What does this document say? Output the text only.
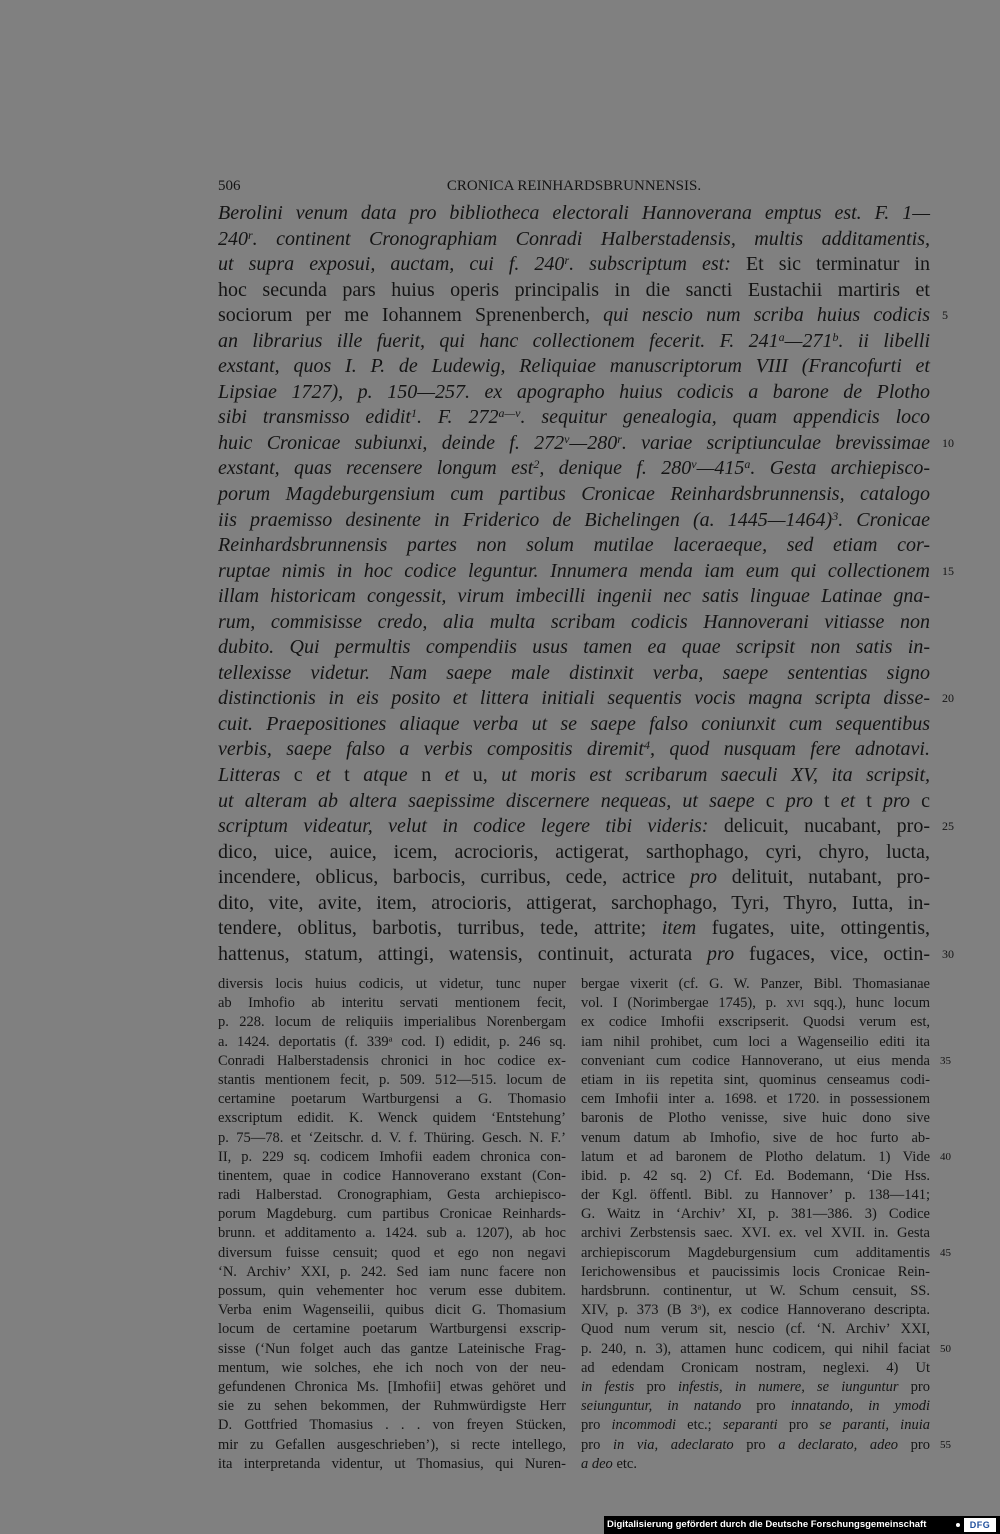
506	CRONICA REINHARDSBRUNNENSIS.
Berolini venum data pro bibliotheca electorali Hannoverana emptus est. F. 1—
240$^r$. continent Cronographiam Conradi Halberstadensis, multis additamentis,
ut supra exposui, auctam, cui f. 240$^r$. subscriptum est: Et sic terminatur in
hoc secunda pars huius operis principalis in die sancti Eustachii martiris et
sociorum per me Iohannem Sprenenberch, qui nescio num scriba huius codicis 5
an librarius ille fuerit, qui hanc collectionem fecerit. F. 241$^a$—271$^b$. ii libelli
exstant, quos I. P. de Ludewig, Reliquiae manuscriptorum VIII (Francofurti et
Lipsiae 1727), p. 150—257. ex apographo huius codicis a barone de Plotho
sibi transmisso edidit$^1$. F. $272^{a—v}$. sequitur genealogia, quam appendicis loco
huic Cronicae subiunxi, deinde f. 272$^v$—280$^r$. variae scriptiunculae brevissimae 10
exstant, quas recensere longum est$^2$, denique f. 280$^v$—415$^a$. Gesta archiepisco-
porum Magdeburgensium cum partibus Cronicae Reinhardsbrunnensis, catalogo
iis praemisso desinente in Friderico de Bichelingen (a. 1445—1464)$^3$. Cronicae
Reinhardsbrunnensis partes non solum mutilae laceraeque, sed etiam cor-
ruptae nimis in hoc codice leguntur. Innumera menda iam eum qui collectionem 15
illam historicam congessit, virum imbecilli ingenii nec satis linguae Latinae gna-
rum, commisisse credo, alia multa scribam codicis Hannoverani vitiasse non
dubito. Qui permultis compendiis usus tamen ea quae scripsit non satis in-
tellexisse videtur. Nam saepe male distinxit verba, saepe sententias signo
distinctionis in eis posito et littera initiali sequentis vocis magna scripta disse- 20
cuit. Praepositiones aliaque verba ut se saepe falso coniunxit cum sequentibus
verbis, saepe falso a verbis compositis diremit$^4$, quod nusquam fere adnotavi.
Litteras c et t atque n et u, ut moris est scribarum saeculi XV, ita scripsit,
ut alteram ab altera saepissime discernere nequeas, ut saepe c pro t et t pro c
scriptum videatur, velut in codice legere tibi videris: delicuit, nucabant, pro- 25
dico, uice, auice, icem, acrocioris, actigerat, sarthophago, cyri, chyro, lucta,
incendere, oblicus, barbocis, curribus, cede, actrice pro delituit, nutabant, pro-
dito, vite, avite, item, atrocioris, attigerat, sarchophago, Tyri, Thyro, Iutta, in-
tendere, oblitus, barbotis, turribus, tede, attrite; item fugates, uite, ottingentis,
hattenus, statum, attingi, watensis, continuit, acturata pro fugaces, vice, octin- 30
diversis locis huius codicis, ut videtur, tunc nuper
ab Imhofio ab interitu servati mentionem fecit,
p. 228. locum de reliquiis imperialibus Norenbergam
a. 1424. deportatis (f. 339$^a$ cod. I) edidit, p. 246 sq.
Conradi Halberstadensis chronici in hoc codice ex-
stantis mentionem fecit, p. 509. 512—515. locum de
certamine poetarum Wartburgensi a G. Thomasio
exscriptum edidit. K. Wenck quidem ‘Entstehung’
p. 75—78. et ‘Zeitschr. d. V. f. Thüring. Gesch. N. F.’
II, p. 229 sq. codicem Imhofii eadem chronica con-
tinentem, quae in codice Hannoverano exstant (Con-
radi Halberstad. Cronographiam, Gesta archiepisco-
porum Magdeburg. cum partibus Cronicae Reinhards-
brunn. et additamento a. 1424. sub a. 1207), ab hoc
diversum fuisse censuit; quod et ego non negavi
‘N. Archiv’ XXI, p. 242. Sed iam nunc facere non
possum, quin vehementer hoc verum esse dubitem.
Verba enim Wagenseilii, quibus dicit G. Thomasium
locum de certamine poetarum Wartburgensi exscrip-
sisse (‘Nun folget auch das gantze Lateinische Frag-
mentum, wie solches, ehe ich noch von der neu-
gefundenen Chronica Ms. [Imhofii] etwas gehöret und
sie zu sehen bekommen, der Ruhmwürdigste Herr
D. Gottfried Thomasius . . . von freyen Stücken,
mir zu Gefallen ausgeschrieben’), si recte intellego,
ita interpretanda videntur, ut Thomasius, qui Nuren-
bergae vixerit (cf. G. W. Panzer, Bibl. Thomasianae
vol. I (Norimbergae 1745), p. xvi sqq.), hunc locum
ex codice Imhofii exscripserit. Quodsi verum est,
iam nihil prohibet, cum loci a Wagenseilio editi ita
conveniant cum codice Hannoverano, ut eius menda 35
etiam in iis repetita sint, quominus censeamus codi-
cem Imhofii inter a. 1698. et 1720. in possessionem
baronis de Plotho venisse, sive huic dono sive
venum datum ab Imhofio, sive de hoc furto ab-
latum et ad baronem de Plotho delatum. 1) Vide 40
ibid. p. 42 sq. 2) Cf. Ed. Bodemann, ‘Die Hss.
der Kgl. öffentl. Bibl. zu Hannover’ p. 138—141;
G. Waitz in ‘Archiv’ XI, p. 381—386. 3) Codice
archivi Zerbstensis saec. XVI. ex. vel XVII. in. Gesta
archiepiscorum Magdeburgensium cum additamentis 45
Ierichowensibus et paucissimis locis Cronicae Rein-
hardsbrunn. continentur, ut W. Schum censuit, SS.
XIV, p. 373 (B 3$^a$), ex codice Hannoverano descripta.
Quod num verum sit, nescio (cf. ‘N. Archiv’ XXI,
p. 240, n. 3), attamen hunc codicem, qui nihil faciat 50
ad edendam Cronicam nostram, neglexi. 4) Ut
in festis pro infestis, in numere, se iunguntur pro
seiunguntur, in natando pro innatando, in ymodi
pro incommodi etc.; separanti pro se paranti, inuia
pro in via, adeclarato pro a declarato, adeo pro 55
a deo etc.
Digitalisierung gefördert durch die Deutsche Forschungsgemeinschaft	DFG
